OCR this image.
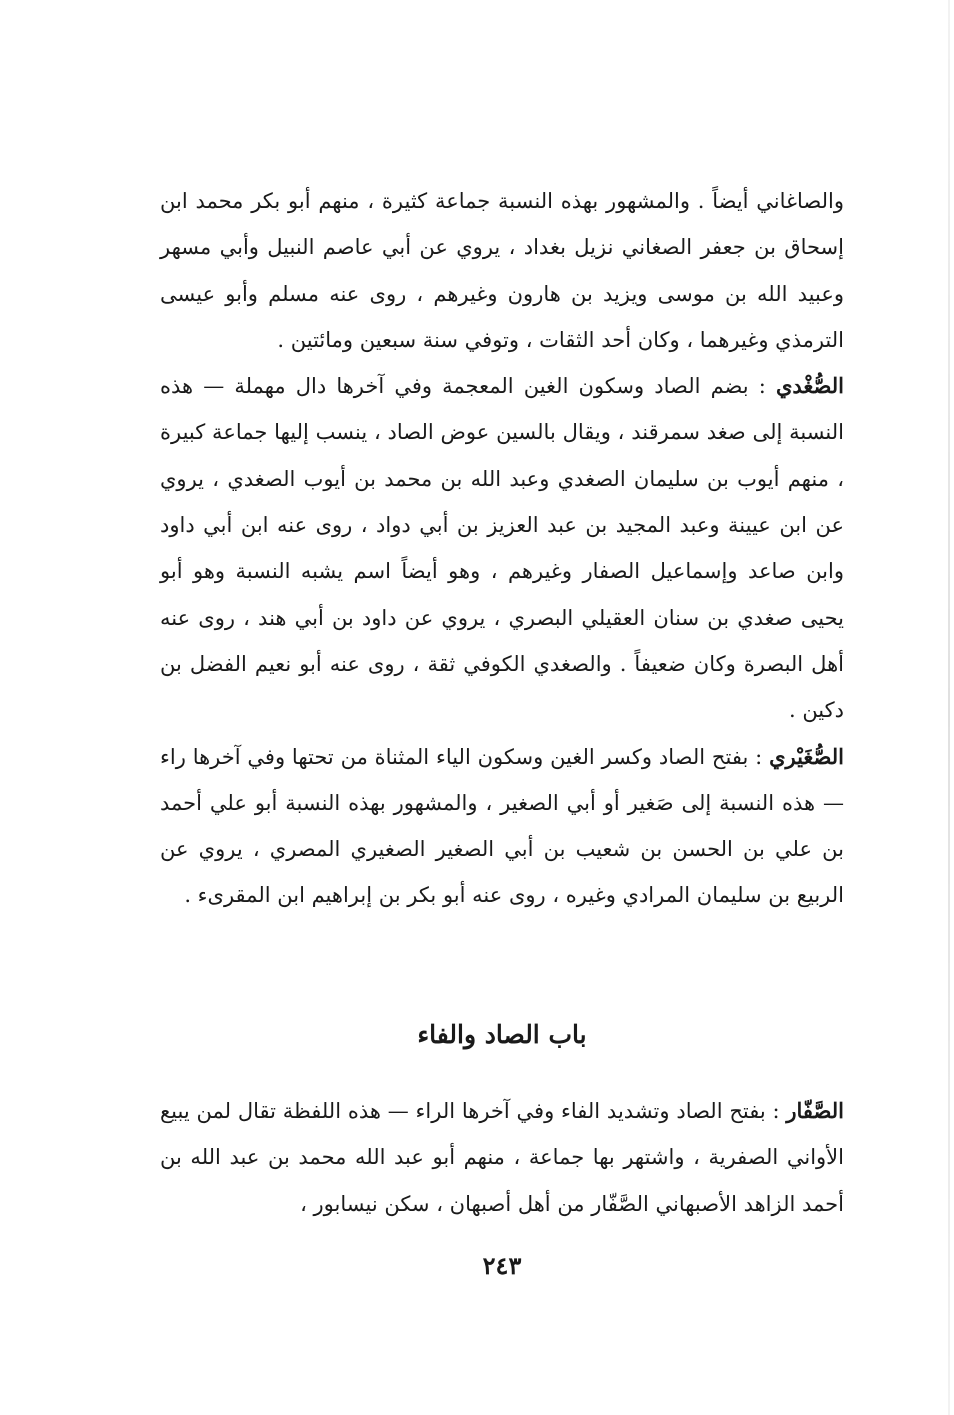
والصاغاني أيضاً . والمشهور بهذه النسبة جماعة كثيرة ، منهم أبو بكر محمد ابن إسحاق بن جعفر الصغاني نزيل بغداد ، يروي عن أبي عاصم النبيل وأبي مسهر وعبيد الله بن موسى ويزيد بن هارون وغيرهم ، روى عنه مسلم وأبو عيسى الترمذي وغيرهما ، وكان أحد الثقات ، وتوفي سنة سبعين ومائتين .

الصُّغْدي : بضم الصاد وسكون الغين المعجمة وفي آخرها دال مهملة — هذه النسبة إلى صغد سمرقند ، ويقال بالسين عوض الصاد ، ينسب إليها جماعة كبيرة ، منهم أيوب بن سليمان الصغدي وعبد الله بن محمد بن أيوب الصغدي ، يروي عن ابن عيينة وعبد المجيد بن عبد العزيز بن أبي دواد ، روى عنه ابن أبي داود وابن صاعد وإسماعيل الصفار وغيرهم ، وهو أيضاً اسم يشبه النسبة وهو أبو يحيى صغدي بن سنان العقيلي البصري ، يروي عن داود بن أبي هند ، روى عنه أهل البصرة وكان ضعيفاً . والصغدي الكوفي ثقة ، روى عنه أبو نعيم الفضل بن دكين .

الصُّغَيْري : بفتح الصاد وكسر الغين وسكون الياء المثناة من تحتها وفي آخرها راء — هذه النسبة إلى صَغير أو أبي الصغير ، والمشهور بهذه النسبة أبو علي أحمد بن علي بن الحسن بن شعيب بن أبي الصغير الصغيري المصري ، يروي عن الربيع بن سليمان المرادي وغيره ، روى عنه أبو بكر بن إبراهيم ابن المقرىء .

باب الصاد والفاء

الصَّفّار : بفتح الصاد وتشديد الفاء وفي آخرها الراء — هذه اللفظة تقال لمن يبيع الأواني الصفرية ، واشتهر بها جماعة ، منهم أبو عبد الله محمد بن عبد الله بن أحمد الزاهد الأصبهاني الصَّفّار من أهل أصبهان ، سكن نيسابور ،

٢٤٣
